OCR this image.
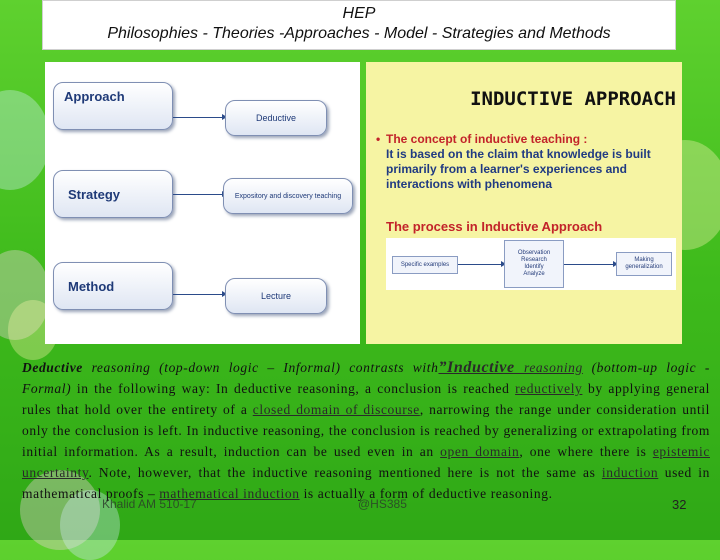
HEP
Philosophies - Theories -Approaches - Model - Strategies and Methods
Approach
Strategy
Method
Deductive
Expository and discovery teaching
Lecture
INDUCTIVE APPROACH
• The concept of inductive teaching :
It is based on the claim that knowledge is built primarily from a learner's experiences and interactions with phenomena
The process in Inductive Approach
Specific examples
Observation
Research
Identify
Analyze
Making
generalization
Deductive reasoning (top-down logic – Informal) contrasts with”Inductive reasoning (bottom-up logic - Formal) in the following way: In deductive reasoning, a conclusion is reached reductively by applying general rules that hold over the entirety of a closed domain of discourse, narrowing the range under consideration until only the conclusion is left. In inductive reasoning, the conclusion is reached by generalizing or extrapolating from initial information. As a result, induction can be used even in an open domain, one where there is epistemic uncertainty. Note, however, that the inductive reasoning mentioned here is not the same as induction used in mathematical proofs – mathematical induction is actually a form of deductive reasoning.
Khalid AM 510-17	@HS385	32
